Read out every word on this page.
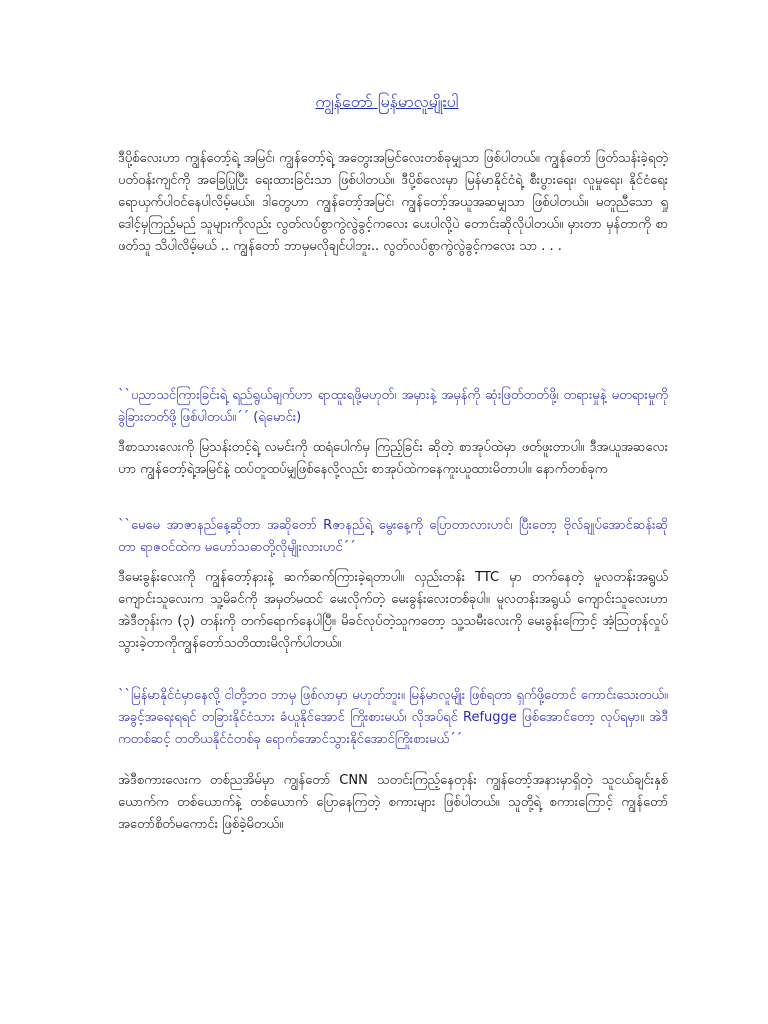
ကျွန်တော် မြန်မာလူမျိုးပါ

ဒီပို့စ်လေးဟာ ကျွန်တော့်ရဲ့ အမြင်၊ ကျွန်တော့်ရဲ့ အတွေးအမြင်လေးတစ်ခုမျှသာ ဖြစ်ပါတယ်။ ကျွန်တော် ဖြတ်သန်းခဲ့ရတဲ့ ပတ်ဝန်းကျင်ကို အခြေပြုပြီး ရေးထားခြင်းသာ ဖြစ်ပါတယ်။ ဒီပို့စ်လေးမှာ မြန်မာနိုင်ငံရဲ့ စီးပွားရေး၊ လူမှုရေး၊ နိုင်ငံရေး ရောယှက်ပါဝင်နေပါလိမ့်မယ်။ ဒါတွေဟာ ကျွန်တော့်အမြင်၊ ကျွန်တော့်အယူအဆမျှသာ ဖြစ်ပါတယ်။ မတူညီသော ရှုဒေါင့်မှကြည့်မည် သူများကိုလည်း လွတ်လပ်စွာကွဲလွဲခွင့်ကလေး ပေးပါလို့ပဲ တောင်းဆိုလိုပါတယ်။ မှားတာ မှန်တာကို စာဖတ်သူ သိပါလိမ့်မယ် .. ကျွန်တော် ဘာမှမလိုချင်ပါဘူး.. လွတ်လပ်စွာကွဲလွဲခွင့်ကလေး သာ . . .

``ပညာသင်ကြားခြင်းရဲ့ ရည်ရွယ်ချက်ဟာ ရာထူးရဖို့မဟုတ်၊ အမှားနဲ့ အမှန်ကို ဆုံးဖြတ်တတ်ဖို့၊ တရားမှုနဲ့ မတရားမှုကို ခွဲခြားတတ်ဖို့ ဖြစ်ပါတယ်။´´ (ရဲမောင်း)

ဒီစာသားလေးကို မြသန်းတင့်ရဲ့ လမင်းကို ထရံပေါက်မှ ကြည့်ခြင်း ဆိုတဲ့ စာအုပ်ထဲမှာ ဖတ်ဖူးတာပါ။ ဒီအယူအဆလေးဟာ ကျွန်တော့်ရဲ့အမြင်နဲ့ ထပ်တူထပ်မျှဖြစ်နေလို့လည်း စာအုပ်ထဲကနေကူးယူထားမိတာပါ။ နောက်တစ်ခုက

``မေမေ အာဇာနည်နေ့ဆိုတာ အဆိုတော် Rဇာနည်ရဲ့ မွေးနေ့ကို ပြောတာလားဟင်၊ ပြီးတော့ ဗိုလ်ချုပ်အောင်ဆန်းဆိုတာ ရာဇဝင်ထဲက မဟော်သဓာတို့လိုမျိုးလားဟင်´´

ဒီမေးခွန်းလေးကို ကျွန်တော့်နားနဲ့ ဆက်ဆက်ကြားခဲ့ရတာပါ။ လှည်းတန်း TTC မှာ တက်နေတဲ့ မူလတန်းအရွယ် ကျောင်းသူလေးက သူ့မိခင်ကို အမှတ်မထင် မေးလိုက်တဲ့ မေးခွန်းလေးတစ်ခုပါ။ မူလတန်းအရွယ် ကျောင်းသူလေးဟာ အဲဒီတုန်းက (၃) တန်းကို တက်ရောက်နေပါပြီ။ မိခင်လုပ်တဲ့သူကတော့ သူ့သမီးလေးကို မေးခွန်းကြောင့် အံ့သြတုန်လှုပ်သွားခဲ့တာကိုကျွန်တော်သတိထားမိလိုက်ပါတယ်။

``မြန်မာနိုင်ငံမှာနေလို့ ငါတို့ဘဝ ဘာမှ ဖြစ်လာမှာ မဟုတ်ဘူး။ မြန်မာလူမျိုး ဖြစ်ရတာ ရှက်ဖို့တောင် ကောင်းသေးတယ်။ အခွင့်အရေးရရင် တခြားနိုင်ငံသား ခံယူနိုင်အောင် ကြိုးစားမယ်၊ လိုအပ်ရင် Refugge ဖြစ်အောင်တော့ လုပ်ရမှာ။ အဲဒီကတစ်ဆင့် တတိယနိုင်ငံတစ်ခု ရောက်အောင်သွားနိုင်အောင်ကြိုးစားမယ်´´

အဲဒီစကားလေးက တစ်ညအိမ်မှာ ကျွန်တော် CNN သတင်းကြည့်နေတုန်း ကျွန်တော့်အနားမှာရှိတဲ့ သူငယ်ချင်းနှစ်ယောက်က တစ်ယောက်နဲ့ တစ်ယောက် ပြောနေကြတဲ့ စကားများ ဖြစ်ပါတယ်။ သူတို့ရဲ့ စကားကြောင့် ကျွန်တော် အတော်စိတ်မကောင်း ဖြစ်ခဲ့မိတယ်။
